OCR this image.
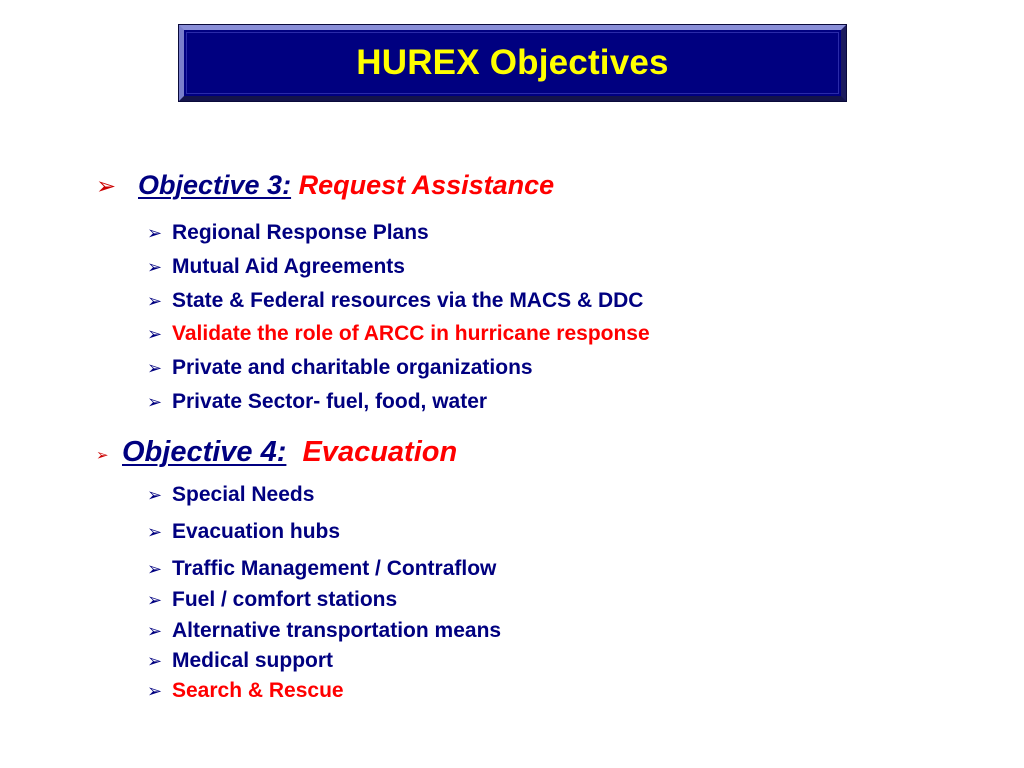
HUREX Objectives
➢ Objective 3: Request Assistance
➢ Regional Response Plans
➢ Mutual Aid Agreements
➢ State & Federal resources via the MACS & DDC
➢ Validate the role of ARCC in hurricane response
➢ Private and charitable organizations
➢ Private Sector- fuel, food, water
➢ Objective 4: Evacuation
➢ Special Needs
➢ Evacuation hubs
➢ Traffic Management / Contraflow
➢ Fuel / comfort stations
➢ Alternative transportation means
➢ Medical support
➢ Search & Rescue
